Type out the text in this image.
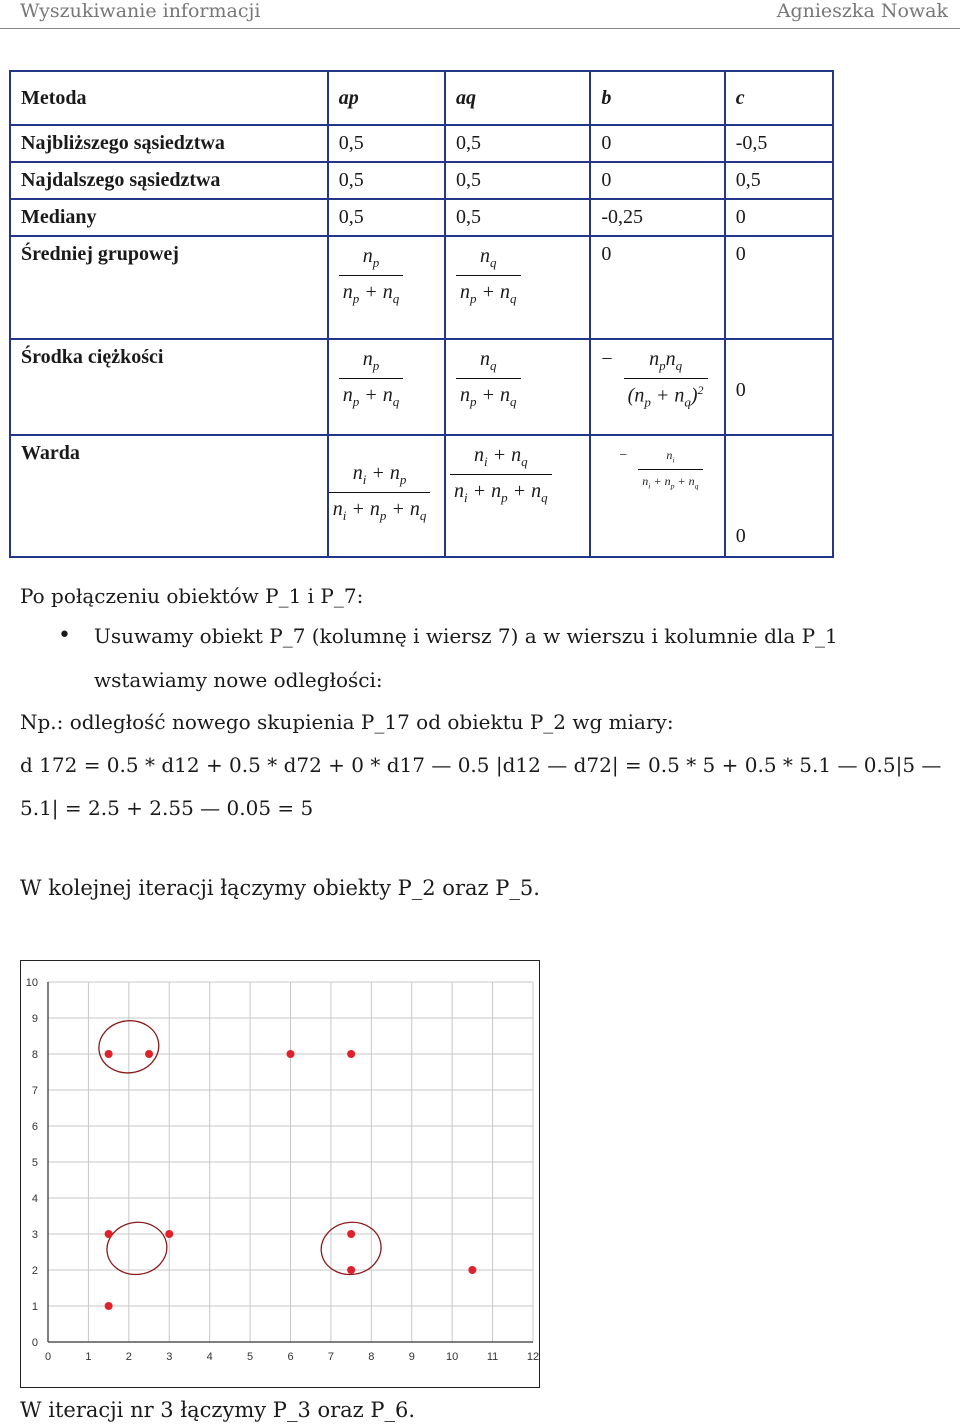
Wyszukiwanie informacji	Agnieszka Nowak
Metoda	ap	aq	b	c
Najbliższego sąsiedztwa	0,5	0,5	0	-0,5
Najdalszego sąsiedztwa	0,5	0,5	0	0,5
Mediany	0,5	0,5	-0,25	0
Średniej grupowej	$\frac{n_p}{n_p + n_q}$	$\frac{n_q}{n_p + n_q}$	0	0
Środka ciężkości	$\frac{n_p}{n_p + n_q}$	$\frac{n_q}{n_p + n_q}$	− $\frac{n_pn_q}{(n_p + n_q)^2}$	0
Warda	$\frac{n_i + n_p}{n_i + n_p + n_q}$	$\frac{n_i + n_q}{n_i + n_p + n_q}$	− $\frac{n_i}{n_i + n_p + n_q}$	0
Po połączeniu obiektów P_1 i P_7:
• Usuwamy obiekt P_7 (kolumnę i wiersz 7) a w wierszu i kolumnie dla P_1
wstawiamy nowe odległości:
Np.: odległość nowego skupienia P_17 od obiektu P_2 wg miary:
d 172 = 0.5 * d12 + 0.5 * d72 + 0 * d17 — 0.5 |d12 — d72| = 0.5 * 5 + 0.5 * 5.1 — 0.5|5 —
5.1| = 2.5 + 2.55 — 0.05 = 5
W kolejnej iteracji łączymy obiekty P_2 oraz P_5.
0
1
2
3
4
5
6
7
8
9
10
0	1	2	3	4	5	6	7	8	9	10	11	12
W iteracji nr 3 łączymy P_3 oraz P_6.
